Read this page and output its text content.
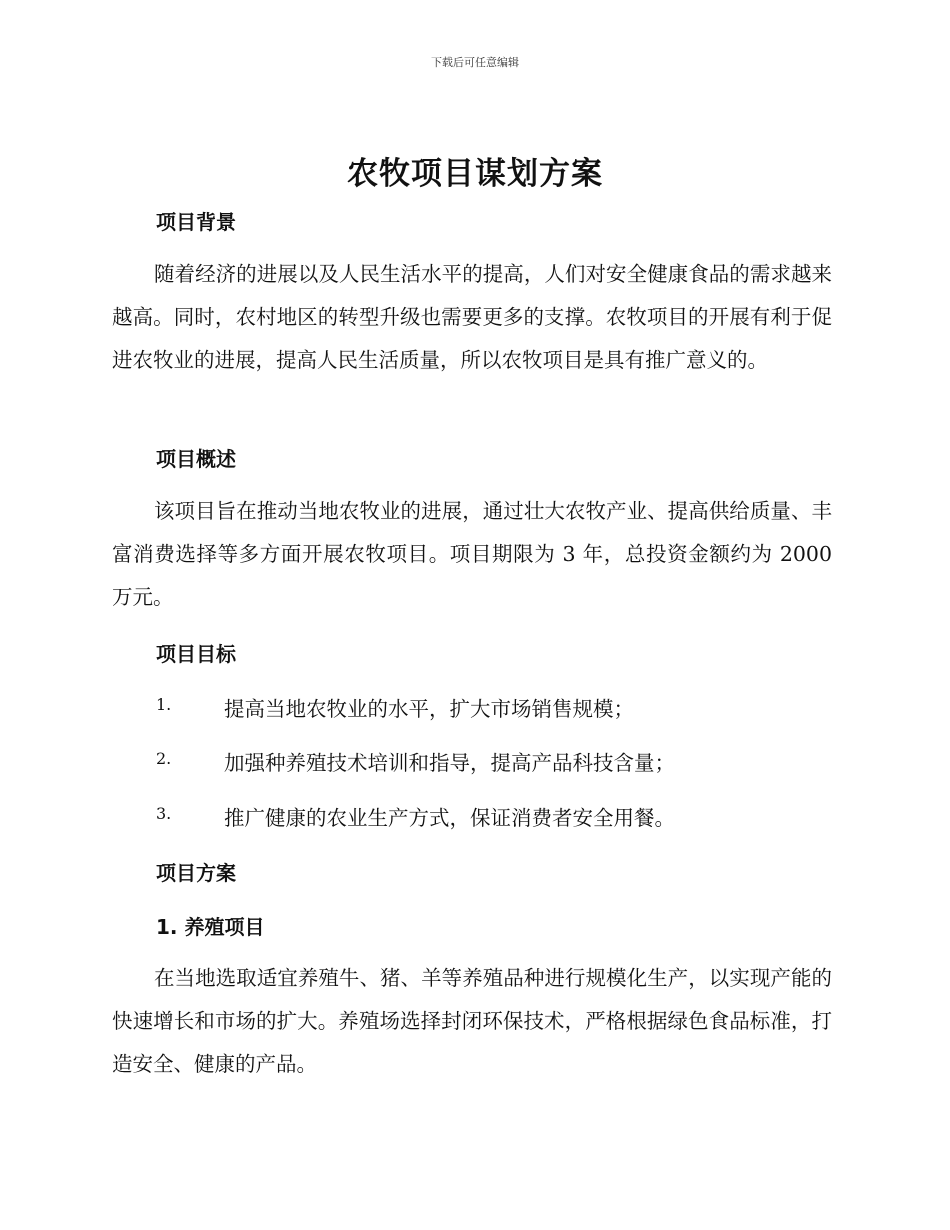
下载后可任意编辑
农牧项目谋划方案
项目背景
随着经济的进展以及人民生活水平的提高，人们对安全健康食品的需求越来越高。同时，农村地区的转型升级也需要更多的支撑。农牧项目的开展有利于促进农牧业的进展，提高人民生活质量，所以农牧项目是具有推广意义的。
项目概述
该项目旨在推动当地农牧业的进展，通过壮大农牧产业、提高供给质量、丰富消费选择等多方面开展农牧项目。项目期限为 3 年，总投资金额约为 2000 万元。
项目目标
1.	提高当地农牧业的水平，扩大市场销售规模；
2.	加强种养殖技术培训和指导，提高产品科技含量；
3.	推广健康的农业生产方式，保证消费者安全用餐。
项目方案
1. 养殖项目
在当地选取适宜养殖牛、猪、羊等养殖品种进行规模化生产，以实现产能的快速增长和市场的扩大。养殖场选择封闭环保技术，严格根据绿色食品标准，打造安全、健康的产品。
